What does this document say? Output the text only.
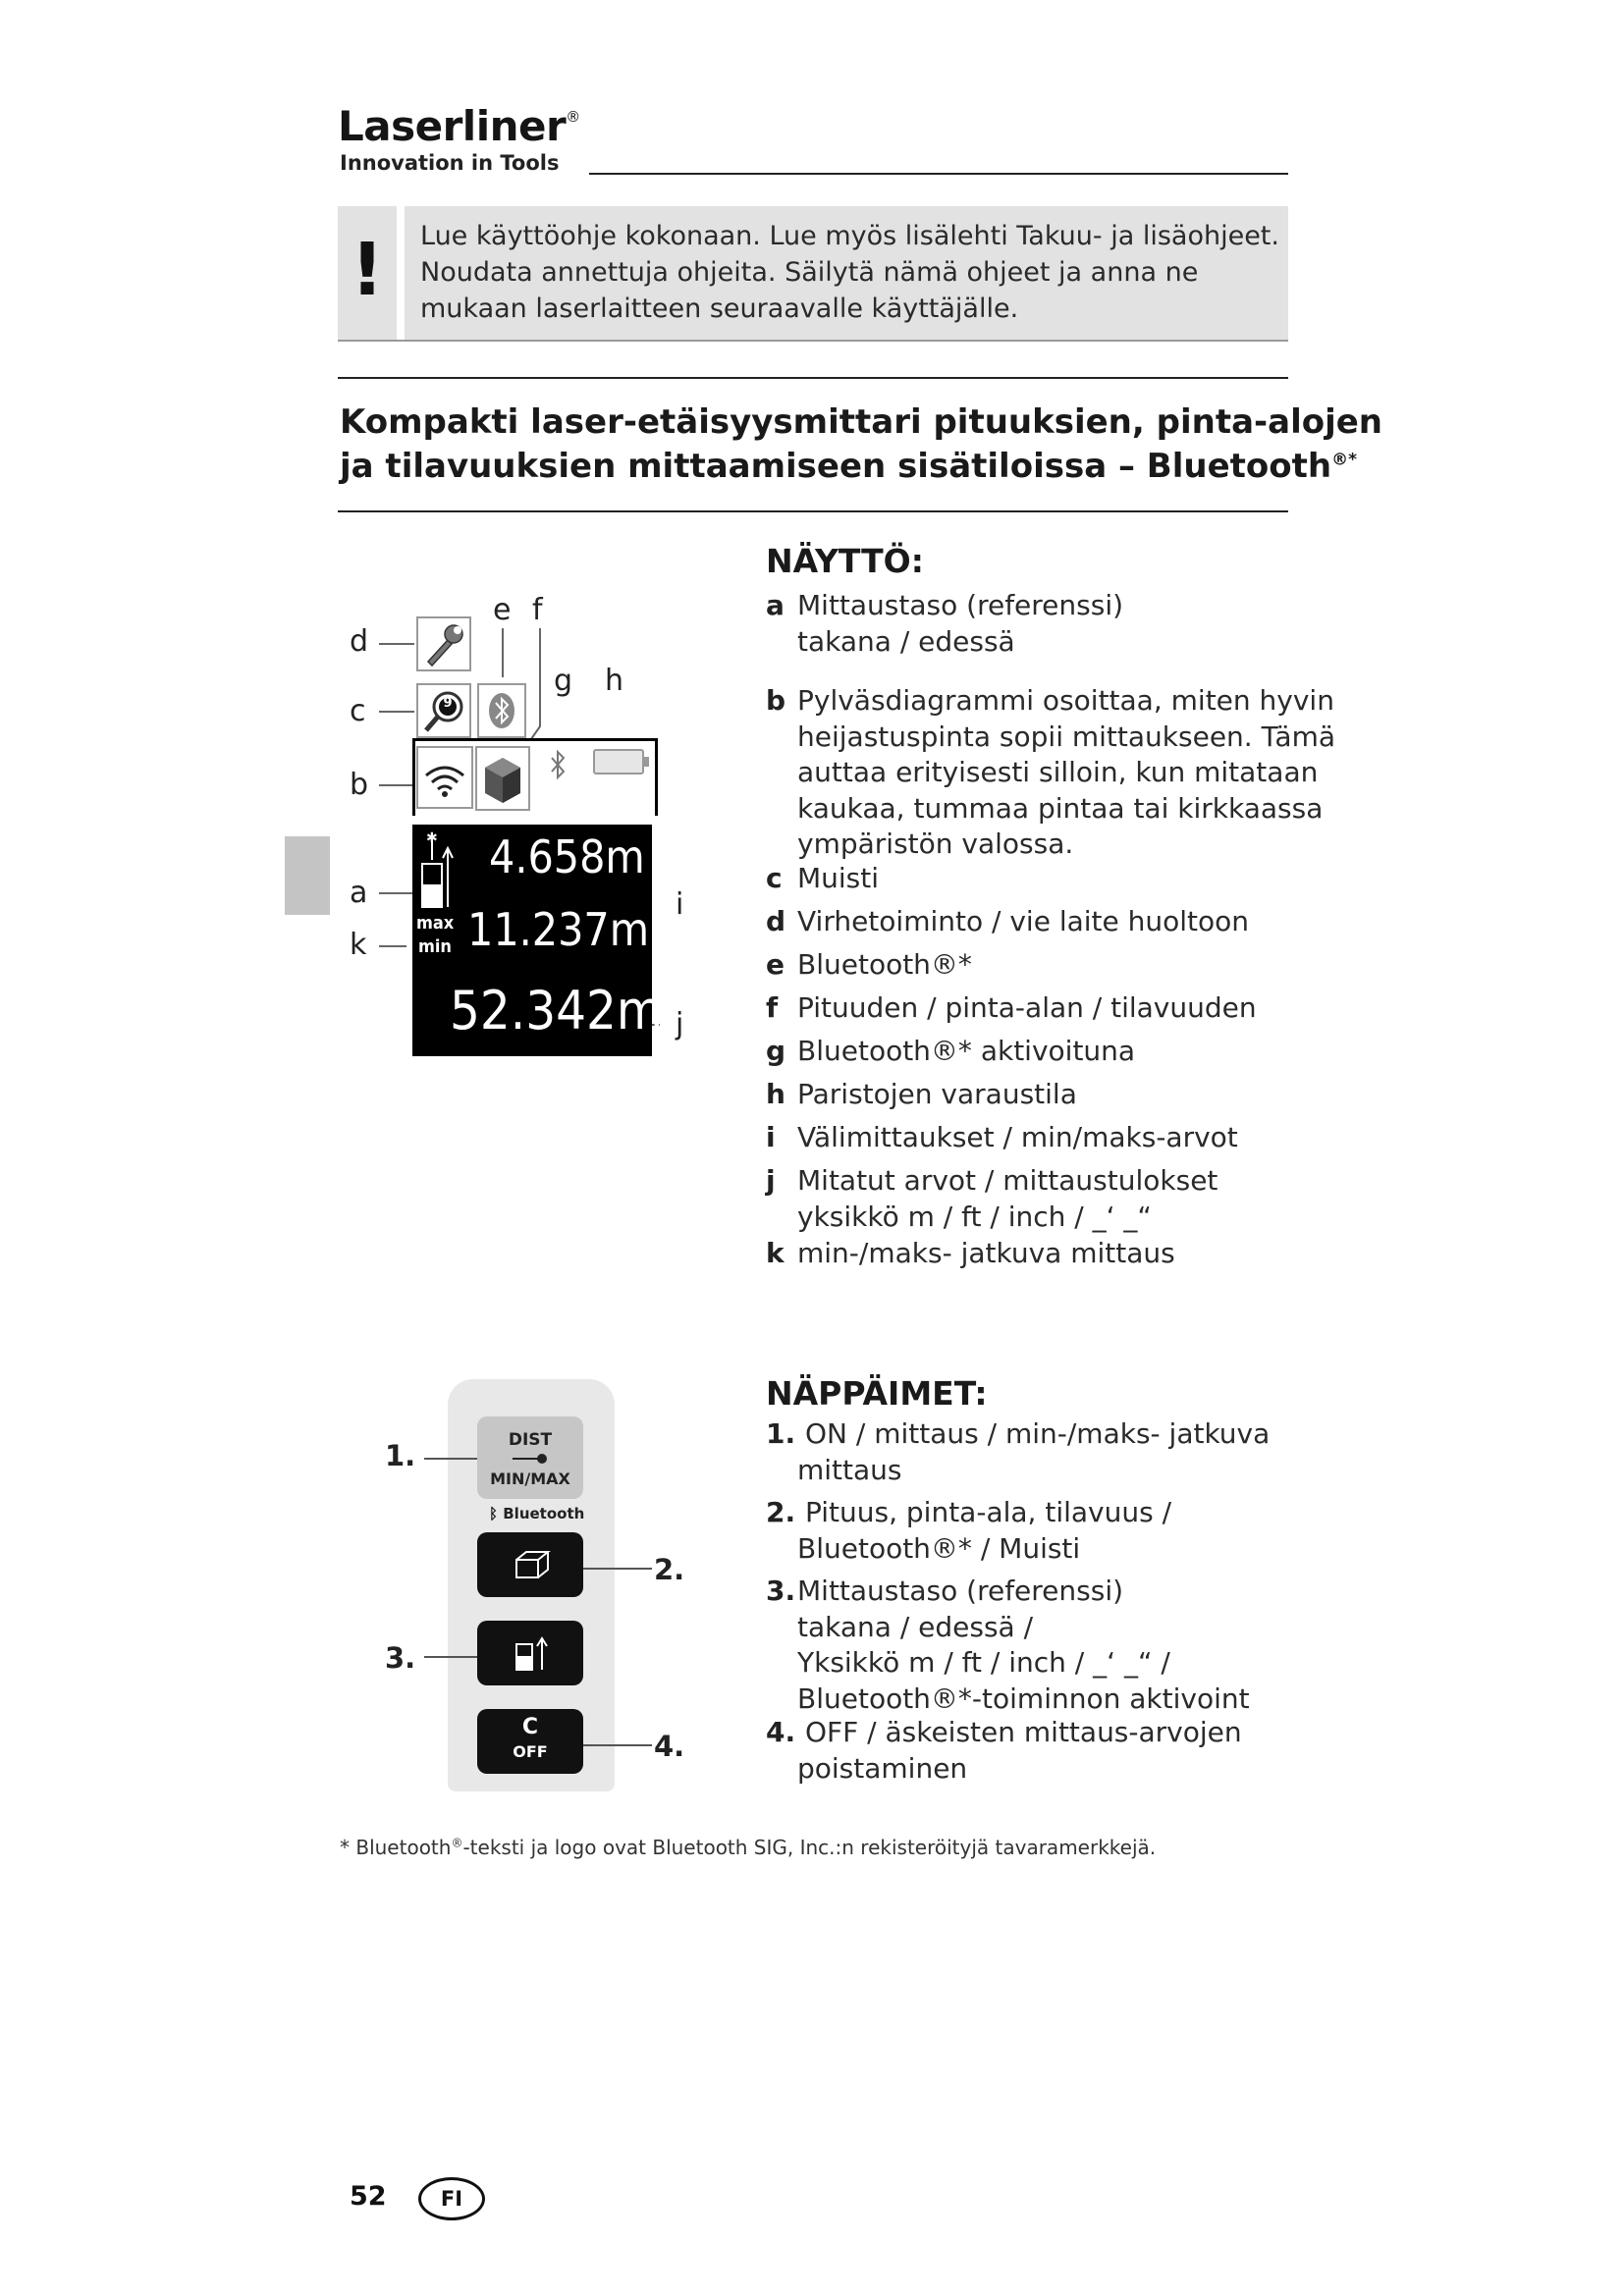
Laserliner®
Innovation in Tools
!	Lue käyttöohje kokonaan. Lue myös lisälehti Takuu- ja lisäohjeet.
Noudata annettuja ohjeita. Säilytä nämä ohjeet ja anna ne
mukaan laserlaitteen seuraavalle käyttäjälle.
Kompakti laser-etäisyysmittari pituuksien, pinta-alojen
ja tilavuuksien mittaamiseen sisätiloissa – Bluetooth®*
d
c
b
a
k
e f
g h
i
j
9
✱ 4.658m
max
min 11.237m
$52.342m^2$
NÄYTTÖ:
a Mittaustaso (referenssi)
takana / edessä
b Pylväsdiagrammi osoittaa, miten hyvin
heijastuspinta sopii mittaukseen. Tämä
auttaa erityisesti silloin, kun mitataan
kaukaa, tummaa pintaa tai kirkkaassa
ympäristön valossa.
c Muisti
d Virhetoiminto / vie laite huoltoon
e Bluetooth®*
f Pituuden / pinta-alan / tilavuuden
g Bluetooth®* aktivoituna
h Paristojen varaustila
i Välimittaukset / min/maks-arvot
j Mitatut arvot / mittaustulokset
yksikkö m / ft / inch / _‘ _“
k min-/maks- jatkuva mittaus
DIST
MIN/MAX
ᛒ Bluetooth
C
OFF
1.
2.
3.
4.
NÄPPÄIMET:
1. ON / mittaus / min-/maks- jatkuva
mittaus
2. Pituus, pinta-ala, tilavuus /
Bluetooth®* / Muisti
3. Mittaustaso (referenssi)
takana / edessä /
Yksikkö m / ft / inch / _‘ _“ /
Bluetooth®*-toiminnon aktivoint
4. OFF / äskeisten mittaus-arvojen
poistaminen
* Bluetooth®-teksti ja logo ovat Bluetooth SIG, Inc.:n rekisteröityjä tavaramerkkejä.
52	FI
